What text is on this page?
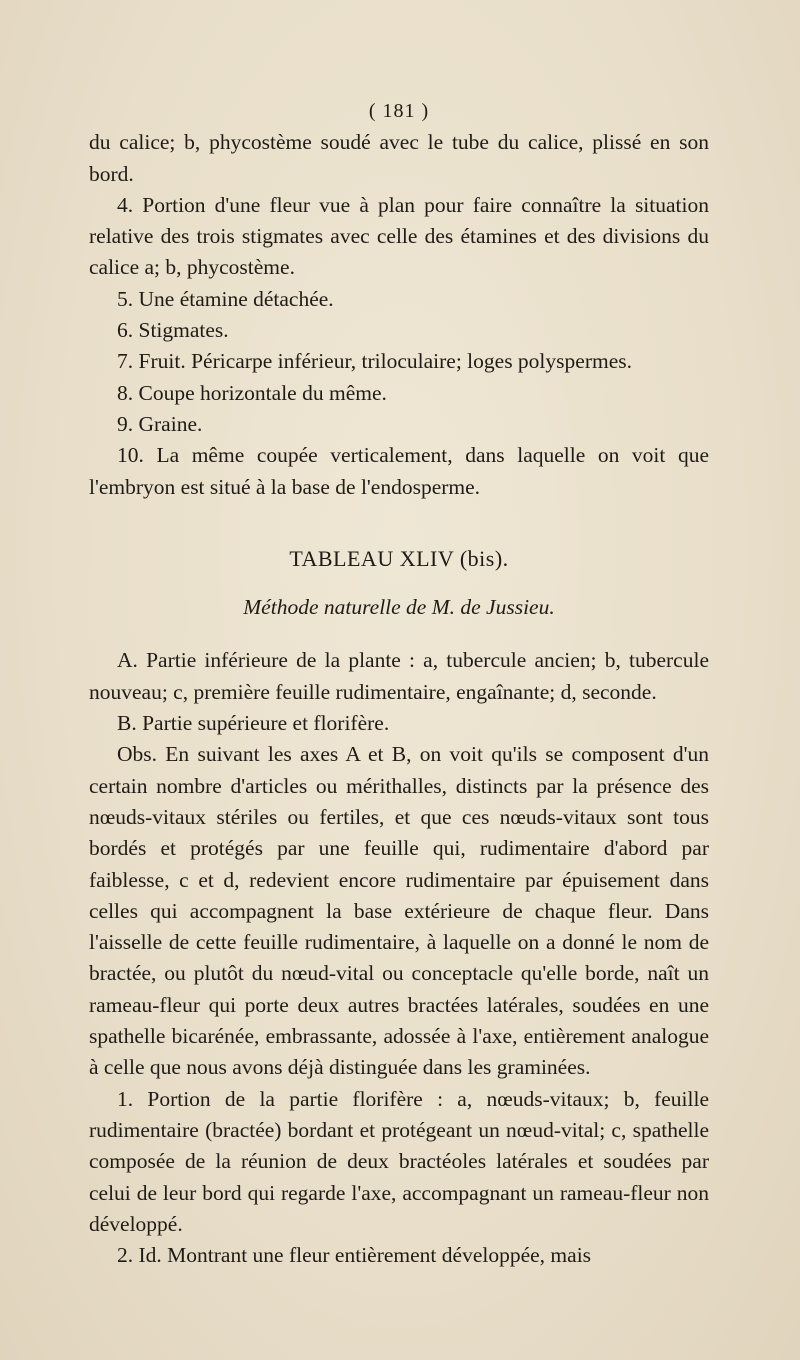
( 181 )

du calice; b, phycostème soudé avec le tube du calice, plissé en son bord.

4. Portion d'une fleur vue à plan pour faire connaître la situation relative des trois stigmates avec celle des étamines et des divisions du calice a; b, phycostème.

5. Une étamine détachée.

6. Stigmates.

7. Fruit. Péricarpe inférieur, triloculaire; loges polyspermes.

8. Coupe horizontale du même.

9. Graine.

10. La même coupée verticalement, dans laquelle on voit que l'embryon est situé à la base de l'endosperme.

TABLEAU XLIV (bis).
Méthode naturelle de M. de Jussieu.

A. Partie inférieure de la plante : a, tubercule ancien; b, tubercule nouveau; c, première feuille rudimentaire, engaînante; d, seconde.

B. Partie supérieure et florifère.

Obs. En suivant les axes A et B, on voit qu'ils se composent d'un certain nombre d'articles ou mérithalles, distincts par la présence des nœuds-vitaux stériles ou fertiles, et que ces nœuds-vitaux sont tous bordés et protégés par une feuille qui, rudimentaire d'abord par faiblesse, c et d, redevient encore rudimentaire par épuisement dans celles qui accompagnent la base extérieure de chaque fleur. Dans l'aisselle de cette feuille rudimentaire, à laquelle on a donné le nom de bractée, ou plutôt du nœud-vital ou conceptacle qu'elle borde, naît un rameau-fleur qui porte deux autres bractées latérales, soudées en une spathelle bicarénée, embrassante, adossée à l'axe, entièrement analogue à celle que nous avons déjà distinguée dans les graminées.

1. Portion de la partie florifère : a, nœuds-vitaux; b, feuille rudimentaire (bractée) bordant et protégeant un nœud-vital; c, spathelle composée de la réunion de deux bractéoles latérales et soudées par celui de leur bord qui regarde l'axe, accompagnant un rameau-fleur non développé.

2. Id. Montrant une fleur entièrement développée, mais
